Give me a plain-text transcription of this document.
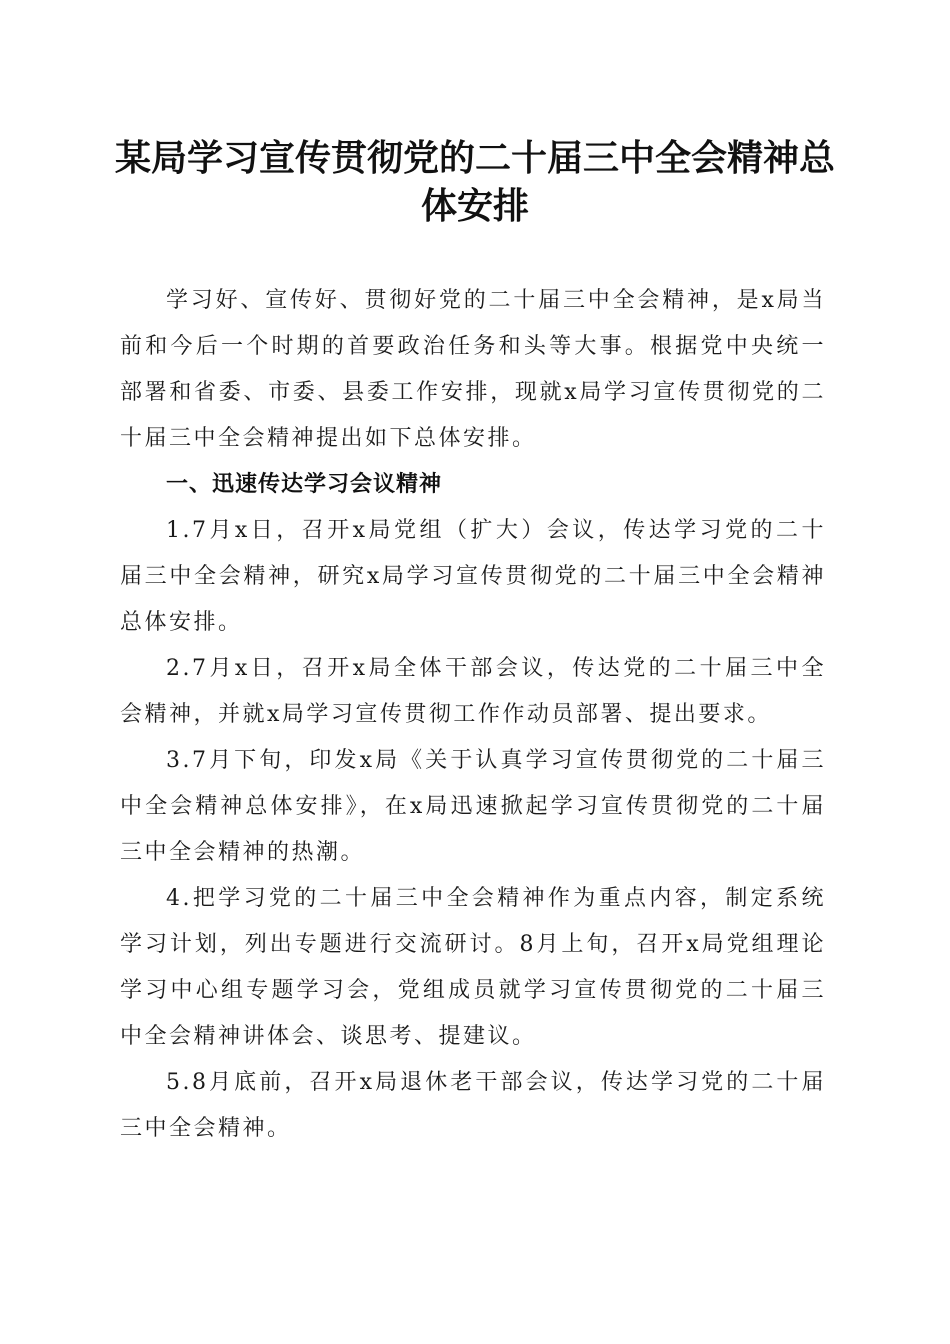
某局学习宣传贯彻党的二十届三中全会精神总体安排

学习好、宣传好、贯彻好党的二十届三中全会精神，是x局当前和今后一个时期的首要政治任务和头等大事。根据党中央统一部署和省委、市委、县委工作安排，现就x局学习宣传贯彻党的二十届三中全会精神提出如下总体安排。

一、迅速传达学习会议精神

1.7月x日，召开x局党组（扩大）会议，传达学习党的二十届三中全会精神，研究x局学习宣传贯彻党的二十届三中全会精神总体安排。

2.7月x日，召开x局全体干部会议，传达党的二十届三中全会精神，并就x局学习宣传贯彻工作作动员部署、提出要求。

3.7月下旬，印发x局《关于认真学习宣传贯彻党的二十届三中全会精神总体安排》，在x局迅速掀起学习宣传贯彻党的二十届三中全会精神的热潮。

4.把学习党的二十届三中全会精神作为重点内容，制定系统学习计划，列出专题进行交流研讨。8月上旬，召开x局党组理论学习中心组专题学习会，党组成员就学习宣传贯彻党的二十届三中全会精神讲体会、谈思考、提建议。

5.8月底前，召开x局退休老干部会议，传达学习党的二十届三中全会精神。
